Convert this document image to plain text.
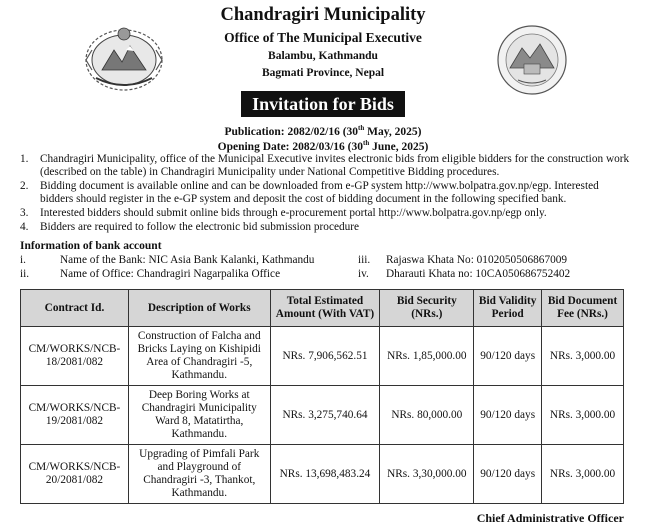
Chandragiri Municipality
Office of The Municipal Executive
Balambu, Kathmandu
Bagmati Province, Nepal
Invitation for Bids
Publication: 2082/02/16 (30th May, 2025)
Opening Date: 2082/03/16 (30th June, 2025)
1. Chandragiri Municipality, office of the Municipal Executive invites electronic bids from eligible bidders for the construction work (described on the table) in Chandragiri Municipality under National Competitive Bidding procedures.
2. Bidding document is available online and can be downloaded from e-GP system http://www.bolpatra.gov.np/egp. Interested bidders should register in the e-GP system and deposit the cost of bidding document in the following specified bank.
3. Interested bidders should submit online bids through e-procurement portal http://www.bolpatra.gov.np/egp only.
4. Bidders are required to follow the electronic bid submission procedure
Information of bank account
i.	Name of the Bank: NIC Asia Bank Kalanki, Kathmandu
ii.	Name of Office: Chandragiri Nagarpalika Office
iii. Rajaswa Khata No: 0102050506867009
iv. Dharauti Khata no: 10CA050686752402
Contract Id.	Description of Works	Total Estimated Amount (With VAT)	Bid Security (NRs.)	Bid Validity Period	Bid Document Fee (NRs.)
CM/WORKS/NCB-18/2081/082	Construction of Falcha and Bricks Laying on Kishipidi Area of Chandragiri -5, Kathmandu.	NRs. 7,906,562.51	NRs. 1,85,000.00	90/120 days	NRs. 3,000.00
CM/WORKS/NCB-19/2081/082	Deep Boring Works at Chandragiri Municipality Ward 8, Matatirtha, Kathmandu.	NRs. 3,275,740.64	NRs. 80,000.00	90/120 days	NRs. 3,000.00
CM/WORKS/NCB-20/2081/082	Upgrading of Pimfali Park and Playground of Chandragiri -3, Thankot, Kathmandu.	NRs. 13,698,483.24	NRs. 3,30,000.00	90/120 days	NRs. 3,000.00
Chief Administrative Officer
